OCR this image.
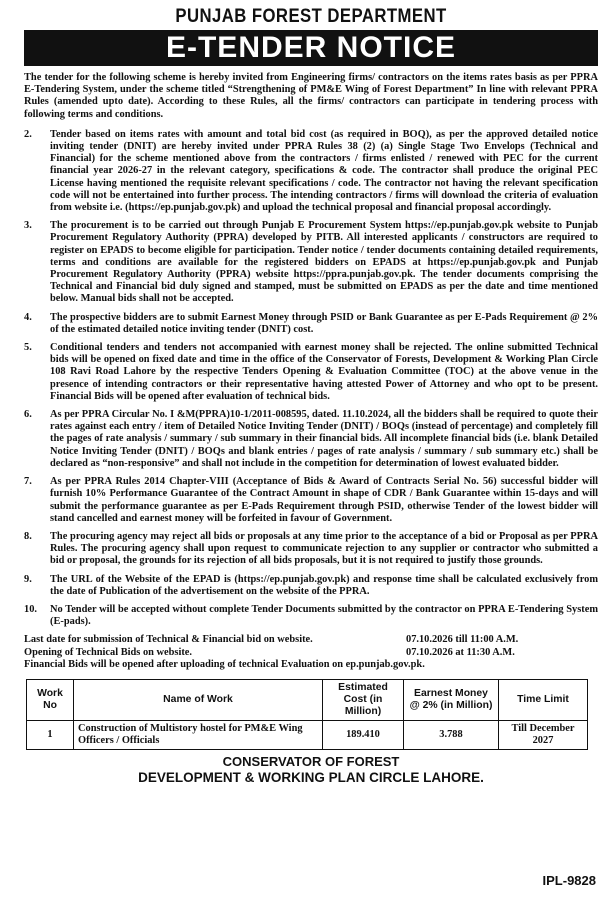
PUNJAB FOREST DEPARTMENT
E-TENDER NOTICE

The tender for the following scheme is hereby invited from Engineering firms/ contractors on the items rates basis as per PPRA E-Tendering System, under the scheme titled “Strengthening of PM&E Wing of Forest Department” In line with relevant PPRA Rules (amended upto date). According to these Rules, all the firms/ contractors can participate in tendering process with following terms and conditions.

2.	Tender based on items rates with amount and total bid cost (as required in BOQ), as per the approved detailed notice inviting tender (DNIT) are hereby invited under PPRA Rules 38 (2) (a) Single Stage Two Envelops (Technical and Financial) for the scheme mentioned above from the contractors / firms enlisted / renewed with PEC for the current financial year 2026-27 in the relevant category, specifications & code. The contractor shall produce the original PEC License having mentioned the requisite relevant specifications / code. The contractor not having the relevant specification code will not be entertained into further process. The intending contractors / firms will download the criteria of evaluation from website i.e. (https://ep.punjab.gov.pk) and upload the technical proposal and financial proposal accordingly.

3.	The procurement is to be carried out through Punjab E Procurement System https://ep.punjab.gov.pk website to Punjab Procurement Regulatory Authority (PPRA) developed by PITB. All interested applicants / constructors are required to register on EPADS to become eligible for participation. Tender notice / tender documents containing detailed requirements, terms and conditions are available for the registered bidders on EPADS at https://ep.punjab.gov.pk and Punjab Procurement Regulatory Authority (PPRA) website https://ppra.punjab.gov.pk. The tender documents comprising the Technical and Financial bid duly signed and stamped, must be submitted on EPADS as per the date and time mentioned below. Manual bids shall not be accepted.

4.	The prospective bidders are to submit Earnest Money through PSID or Bank Guarantee as per E-Pads Requirement @ 2% of the estimated detailed notice inviting tender (DNIT) cost.

5.	Conditional tenders and tenders not accompanied with earnest money shall be rejected. The online submitted Technical bids will be opened on fixed date and time in the office of the Conservator of Forests, Development & Working Plan Circle 108 Ravi Road Lahore by the respective Tenders Opening & Evaluation Committee (TOC) at the above venue in the presence of intending contractors or their representative having attested Power of Attorney and who opt to be present. Financial Bids will be opened after evaluation of technical bids.

6.	As per PPRA Circular No. I &M(PPRA)10-1/2011-008595, dated. 11.10.2024, all the bidders shall be required to quote their rates against each entry / item of Detailed Notice Inviting Tender (DNIT) / BOQs (instead of percentage) and completely fill the pages of rate analysis / summary / sub summary in their financial bids. All incomplete financial bids (i.e. blank Detailed Notice Inviting Tender (DNIT) / BOQs and blank entries / pages of rate analysis / summary / sub summary etc.) shall be declared as “non-responsive” and shall not include in the competition for determination of lowest evaluated bidder.

7.	As per PPRA Rules 2014 Chapter-VIII (Acceptance of Bids & Award of Contracts Serial No. 56) successful bidder will furnish 10% Performance Guarantee of the Contract Amount in shape of CDR / Bank Guarantee within 15-days and will submit the performance guarantee as per E-Pads Requirement through PSID, otherwise Tender of the lowest bidder will stand cancelled and earnest money will be forfeited in favour of Government.

8.	The procuring agency may reject all bids or proposals at any time prior to the acceptance of a bid or Proposal as per PPRA Rules. The procuring agency shall upon request to communicate rejection to any supplier or contractor who submitted a bid or proposal, the grounds for its rejection of all bids proposals, but it is not required to justify those grounds.

9.	The URL of the Website of the EPAD is (https://ep.punjab.gov.pk) and response time shall be calculated exclusively from the date of Publication of the advertisement on the website of the PPRA.

10.	No Tender will be accepted without complete Tender Documents submitted by the contractor on PPRA E-Tendering System (E-pads).

Last date for submission of Technical & Financial bid on website.	07.10.2026 till 11:00 A.M.
Opening of Technical Bids on website.	07.10.2026 at 11:30 A.M.
Financial Bids will be opened after uploading of technical Evaluation on ep.punjab.gov.pk.
Work No	Name of Work	Estimated Cost (in Million)	Earnest Money @ 2% (in Million)	Time Limit
1	Construction of Multistory hostel for PM&E Wing Officers / Officials	189.410	3.788	Till December 2027
CONSERVATOR OF FOREST
DEVELOPMENT & WORKING PLAN CIRCLE LAHORE.
IPL-9828
